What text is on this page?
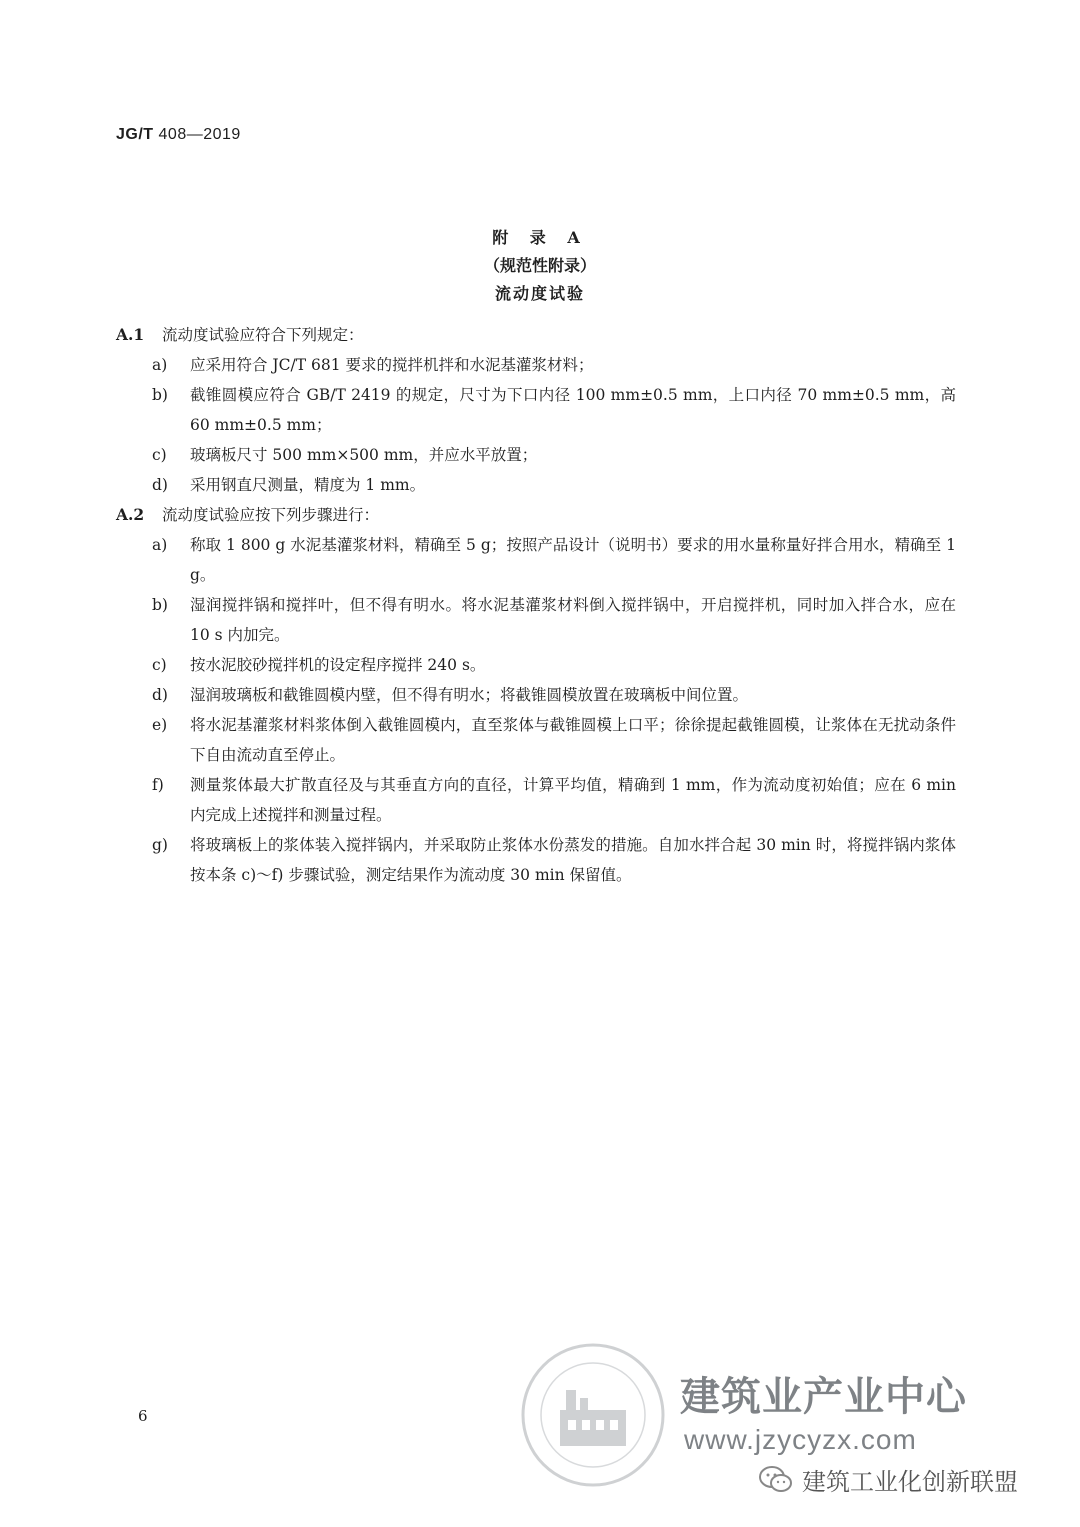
JG/T 408—2019
附 录 A
（规范性附录）
流动度试验
A.1	流动度试验应符合下列规定：
a)	应采用符合 JC/T 681 要求的搅拌机拌和水泥基灌浆材料；
b)	截锥圆模应符合 GB/T 2419 的规定，尺寸为下口内径 100 mm±0.5 mm，上口内径 70 mm±0.5 mm，高 60 mm±0.5 mm；
c)	玻璃板尺寸 500 mm×500 mm，并应水平放置；
d)	采用钢直尺测量，精度为 1 mm。
A.2	流动度试验应按下列步骤进行：
a)	称取 1 800 g 水泥基灌浆材料，精确至 5 g；按照产品设计（说明书）要求的用水量称量好拌合用水，精确至 1 g。
b)	湿润搅拌锅和搅拌叶，但不得有明水。将水泥基灌浆材料倒入搅拌锅中，开启搅拌机，同时加入拌合水，应在 10 s 内加完。
c)	按水泥胶砂搅拌机的设定程序搅拌 240 s。
d)	湿润玻璃板和截锥圆模内壁，但不得有明水；将截锥圆模放置在玻璃板中间位置。
e)	将水泥基灌浆材料浆体倒入截锥圆模内，直至浆体与截锥圆模上口平；徐徐提起截锥圆模，让浆体在无扰动条件下自由流动直至停止。
f)	测量浆体最大扩散直径及与其垂直方向的直径，计算平均值，精确到 1 mm，作为流动度初始值；应在 6 min 内完成上述搅拌和测量过程。
g)	将玻璃板上的浆体装入搅拌锅内，并采取防止浆体水份蒸发的措施。自加水拌合起 30 min 时，将搅拌锅内浆体按本条 c)～f) 步骤试验，测定结果作为流动度 30 min 保留值。
6	建筑业产业中心
www.jzycyzx.com
建筑工业化创新联盟
